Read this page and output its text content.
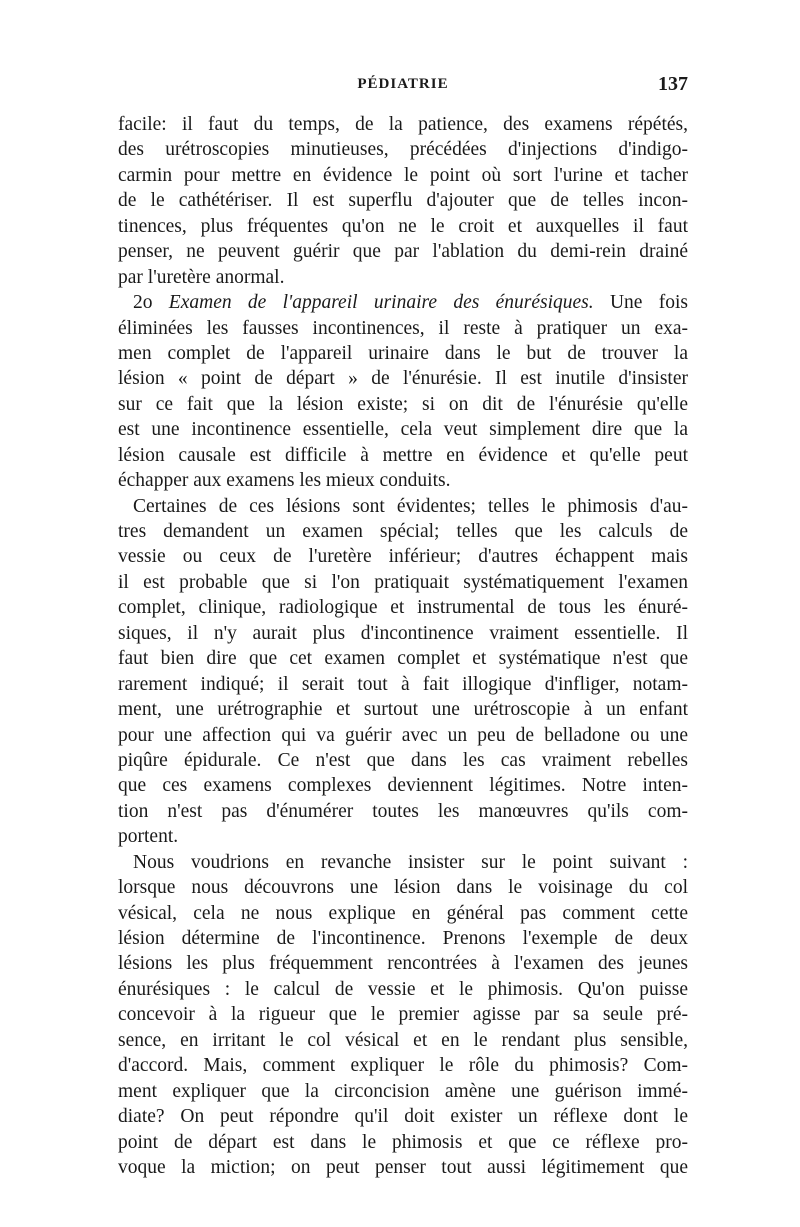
PÉDIATRIE	137
facile: il faut du temps, de la patience, des examens répétés,
des urétroscopies minutieuses, précédées d'injections d'indigo-
carmin pour mettre en évidence le point où sort l'urine et tacher
de le cathétériser. Il est superflu d'ajouter que de telles incon-
tinences, plus fréquentes qu'on ne le croit et auxquelles il faut
penser, ne peuvent guérir que par l'ablation du demi-rein drainé
par l'uretère anormal.
2o Examen de l'appareil urinaire des énurésiques. Une fois
éliminées les fausses incontinences, il reste à pratiquer un exa-
men complet de l'appareil urinaire dans le but de trouver la
lésion « point de départ » de l'énurésie. Il est inutile d'insister
sur ce fait que la lésion existe; si on dit de l'énurésie qu'elle
est une incontinence essentielle, cela veut simplement dire que la
lésion causale est difficile à mettre en évidence et qu'elle peut
échapper aux examens les mieux conduits.
Certaines de ces lésions sont évidentes; telles le phimosis d'au-
tres demandent un examen spécial; telles que les calculs de
vessie ou ceux de l'uretère inférieur; d'autres échappent mais
il est probable que si l'on pratiquait systématiquement l'examen
complet, clinique, radiologique et instrumental de tous les énuré-
siques, il n'y aurait plus d'incontinence vraiment essentielle. Il
faut bien dire que cet examen complet et systématique n'est que
rarement indiqué; il serait tout à fait illogique d'infliger, notam-
ment, une urétrographie et surtout une urétroscopie à un enfant
pour une affection qui va guérir avec un peu de belladone ou une
piqûre épidurale. Ce n'est que dans les cas vraiment rebelles
que ces examens complexes deviennent légitimes. Notre inten-
tion n'est pas d'énumérer toutes les manœuvres qu'ils com-
portent.
Nous voudrions en revanche insister sur le point suivant :
lorsque nous découvrons une lésion dans le voisinage du col
vésical, cela ne nous explique en général pas comment cette
lésion détermine de l'incontinence. Prenons l'exemple de deux
lésions les plus fréquemment rencontrées à l'examen des jeunes
énurésiques : le calcul de vessie et le phimosis. Qu'on puisse
concevoir à la rigueur que le premier agisse par sa seule pré-
sence, en irritant le col vésical et en le rendant plus sensible,
d'accord. Mais, comment expliquer le rôle du phimosis? Com-
ment expliquer que la circoncision amène une guérison immé-
diate? On peut répondre qu'il doit exister un réflexe dont le
point de départ est dans le phimosis et que ce réflexe pro-
voque la miction; on peut penser tout aussi légitimement que
